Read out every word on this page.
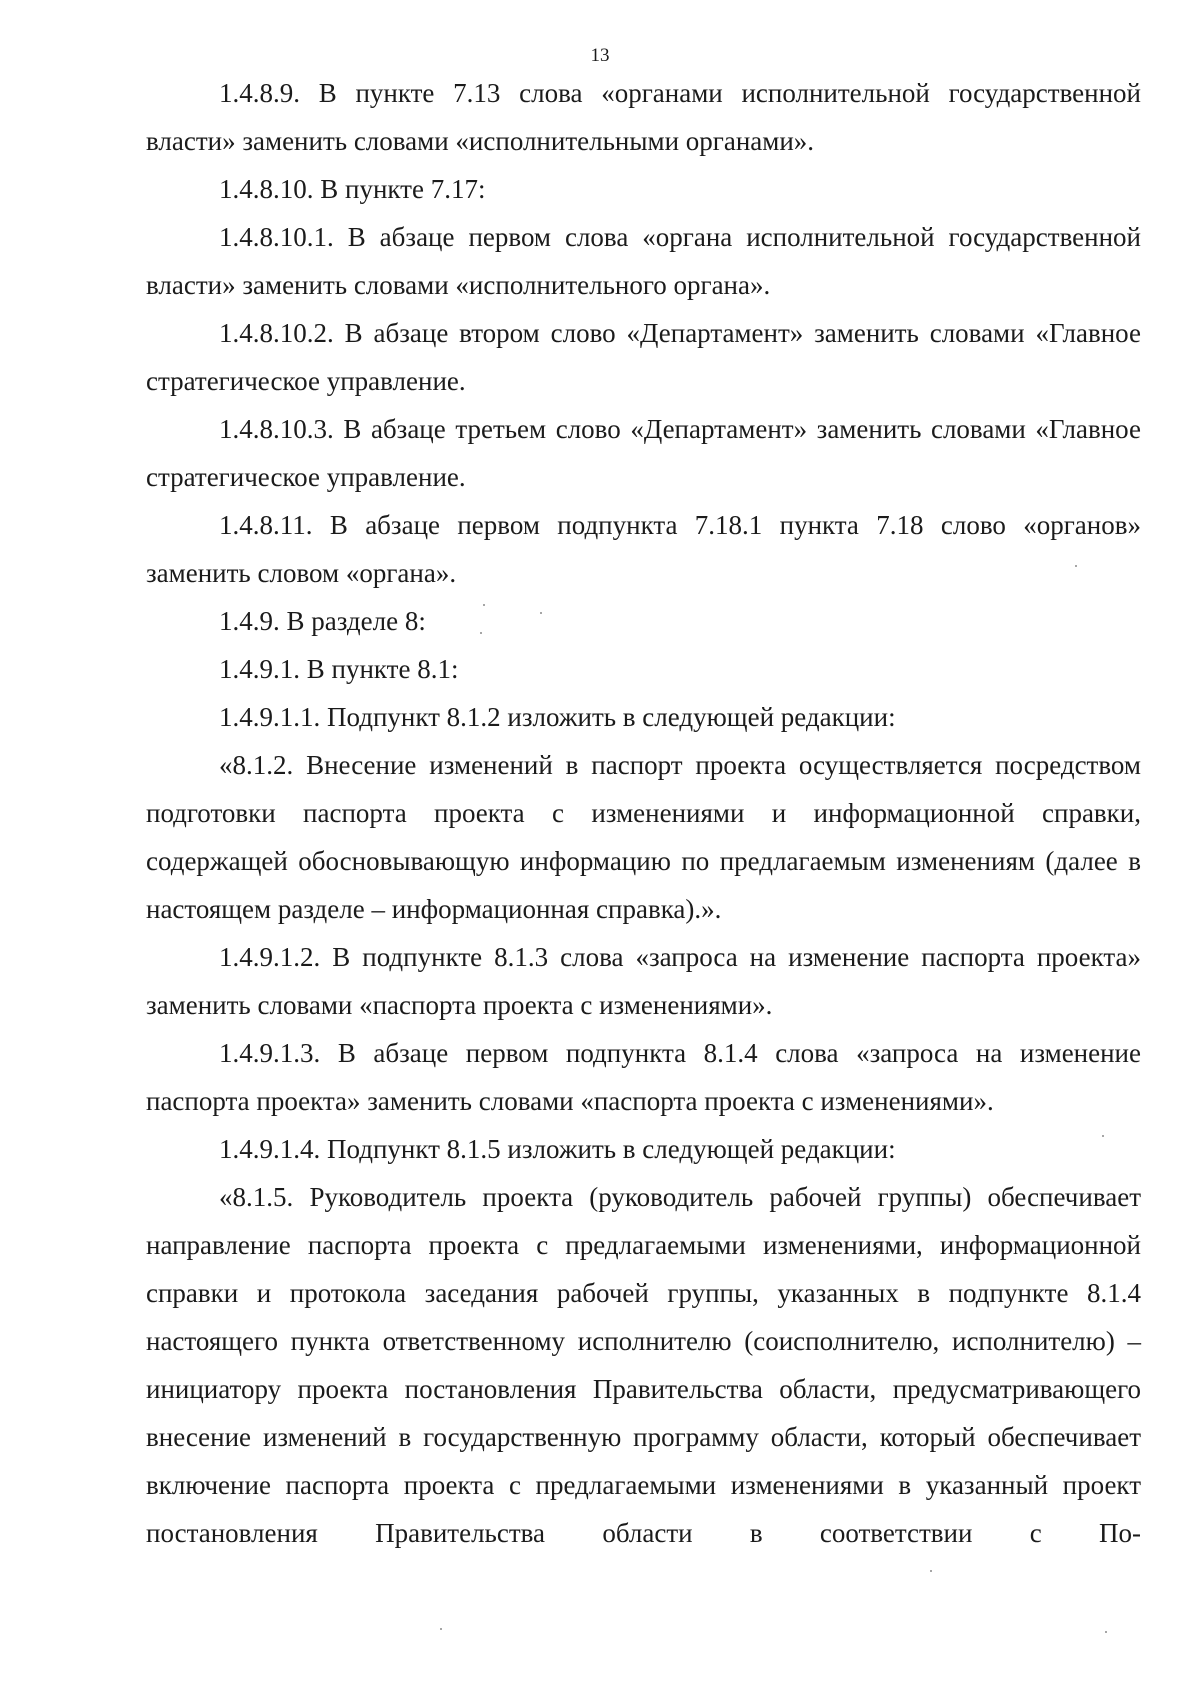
13

1.4.8.9. В пункте 7.13 слова «органами исполнительной государственной власти» заменить словами «исполнительными органами».

1.4.8.10. В пункте 7.17:

1.4.8.10.1. В абзаце первом слова «органа исполнительной государственной власти» заменить словами «исполнительного органа».

1.4.8.10.2. В абзаце втором слово «Департамент» заменить словами «Главное стратегическое управление.

1.4.8.10.3. В абзаце третьем слово «Департамент» заменить словами «Главное стратегическое управление.

1.4.8.11. В абзаце первом подпункта 7.18.1 пункта 7.18 слово «органов» заменить словом «органа».

1.4.9. В разделе 8:

1.4.9.1. В пункте 8.1:

1.4.9.1.1. Подпункт 8.1.2 изложить в следующей редакции:

«8.1.2. Внесение изменений в паспорт проекта осуществляется посредством подготовки паспорта проекта с изменениями и информационной справки, содержащей обосновывающую информацию по предлагаемым изменениям (далее в настоящем разделе – информационная справка).».

1.4.9.1.2. В подпункте 8.1.3 слова «запроса на изменение паспорта проекта» заменить словами «паспорта проекта с изменениями».

1.4.9.1.3. В абзаце первом подпункта 8.1.4 слова «запроса на изменение паспорта проекта» заменить словами «паспорта проекта с изменениями».

1.4.9.1.4. Подпункт 8.1.5 изложить в следующей редакции:

«8.1.5. Руководитель проекта (руководитель рабочей группы) обеспечивает направление паспорта проекта с предлагаемыми изменениями, информационной справки и протокола заседания рабочей группы, указанных в подпункте 8.1.4 настоящего пункта ответственному исполнителю (соисполнителю, исполнителю) – инициатору проекта постановления Правительства области, предусматривающего внесение изменений в государственную программу области, который обеспечивает включение паспорта проекта с предлагаемыми изменениями в указанный проект постановления Правительства области в соответствии с По-
